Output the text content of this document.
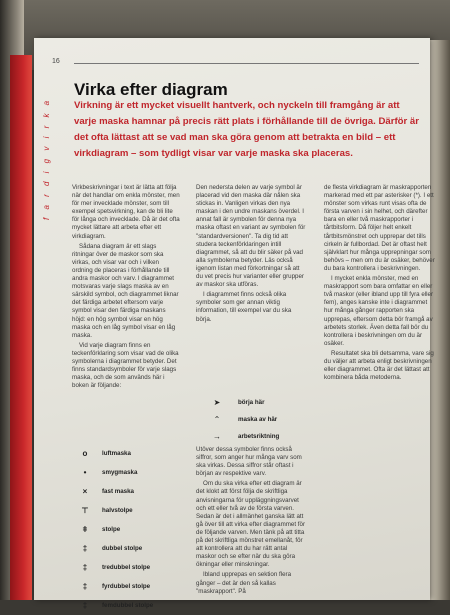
16
f a r d i g v i r k a
Virka efter diagram
Virkning är ett mycket visuellt hantverk, och nyckeln till framgång är att varje maska hamnar på precis rätt plats i förhållande till de övriga. Därför är det ofta lättast att se vad man ska göra genom att betrakta en bild – ett virkdiagram – som tydligt visar var varje maska ska placeras.

Virkbeskrivningar i text är lätta att följa när det handlar om enkla mönster, men för mer invecklade mönster, som till exempel spetsvirkning, kan de bli lite för långa och invecklade. Då är det ofta mycket lättare att arbeta efter ett virkdiagram.

Sådana diagram är ett slags ritningar över de maskor som ska virkas, och visar var och i vilken ordning de placeras i förhållande till andra maskor och varv. I diagrammet motsvaras varje slags maska av en särskild symbol, och diagrammet liknar det färdiga arbetet eftersom varje symbol visar den färdiga maskans höjd: en hög symbol visar en hög maska och en låg symbol visar en låg maska.

Vid varje diagram finns en teckenförklaring som visar vad de olika symbolerna i diagrammet betyder. Det finns standardsymboler för varje slags maska, och de som används här i boken är följande:

o	luftmaska
•	smygmaska
×	fast maska
⊤	halvstolpe
ǂ	stolpe
‡	dubbel stolpe
‡	tredubbel stolpe
‡	fyrdubbel stolpe
‡	femdubbel stolpe

Den nedersta delen av varje symbol är placerad vid den maska där nålen ska stickas in. Vanligen virkas den nya maskan i den undre maskans överdel. I annat fall är symbolen för denna nya maska oftast en variant av symbolen för "standardversionen". Ta dig tid att studera teckenförklaringen intill diagrammet, så att du blir säker på vad alla symbolerna betyder. Läs också igenom listan med förkortningar så att du vet precis hur varianter eller grupper av maskor ska utföras.

I diagrammet finns också olika symboler som ger annan viktig information, till exempel var du ska börja.

➤	börja här
⌃	maska av här
→	arbetsriktning

Utöver dessa symboler finns också siffror, som anger hur många varv som ska virkas. Dessa siffror står oftast i början av respektive varv.

Om du ska virka efter ett diagram är det klokt att först följa de skriftliga anvisningarna för uppläggningsvarvet och ett eller två av de första varven. Sedan är det i allmänhet ganska lätt att gå över till att virka efter diagrammet för de följande varven. Men tänk på att titta på det skriftliga mönstret emellanåt, för att kontrollera att du har rätt antal maskor och se efter när du ska göra ökningar eller minskningar.

Ibland upprepas en sektion flera gånger – det är den så kallas "maskrapport". På

de flesta virkdiagram är maskrapporten markerad med ett par asterisker (*). I ett mönster som virkas runt visas ofta de första varven i sin helhet, och därefter bara en eller två maskrapporter i tårtbitsform. Då följer helt enkelt tårtbitsmönstret och upprepar det tills cirkeln är fullbordad. Det är oftast helt självklart hur många upprepningar som behövs – men om du är osäker, behöver du bara kontrollera i beskrivningen.

I mycket enkla mönster, med en maskrapport som bara omfattar en eller två maskor (eller ibland upp till fyra eller fem), anges kanske inte i diagrammet hur många gånger rapporten ska upprepas, eftersom detta bör framgå av arbetets storlek. Även detta fall bör du kontrollera i beskrivningen om du är osäker.

Resultatet ska bli detsamma, vare sig du väljer att arbeta enligt beskrivningen eller diagrammet. Ofta är det lättast att kombinera båda metoderna.
